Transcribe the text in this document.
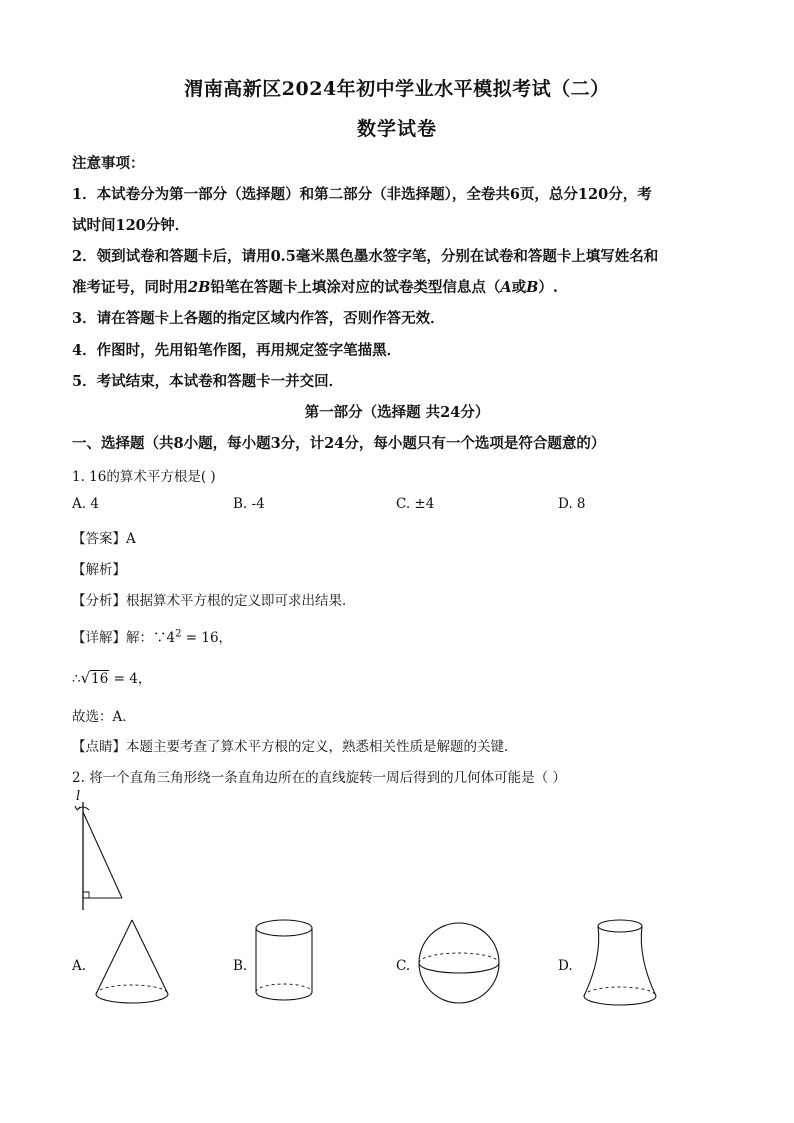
渭南高新区2024年初中学业水平模拟考试（二）
数学试卷
注意事项：
1．本试卷分为第一部分（选择题）和第二部分（非选择题），全卷共6页，总分120分，考
试时间120分钟．
2．领到试卷和答题卡后，请用0.5毫米黑色墨水签字笔，分别在试卷和答题卡上填写姓名和
准考证号，同时用2B铅笔在答题卡上填涂对应的试卷类型信息点（A或B）.
3．请在答题卡上各题的指定区域内作答，否则作答无效．
4．作图时，先用铅笔作图，再用规定签字笔描黑．
5．考试结束，本试卷和答题卡一并交回．
第一部分（选择题 共24分）
一、选择题（共8小题，每小题3分，计24分，每小题只有一个选项是符合题意的）
1. 16的算术平方根是( )
A. 4	B. -4	C. ±4	D. 8
【答案】A
【解析】
【分析】根据算术平方根的定义即可求出结果．
【详解】解：$\because 4^2 = 16$，
∴√16 = 4，
故选：A．
【点睛】本题主要考查了算术平方根的定义，熟悉相关性质是解题的关键．
2. 将一个直角三角形绕一条直角边所在的直线旋转一周后得到的几何体可能是（ ）
l
A.	B.	C.	D.
